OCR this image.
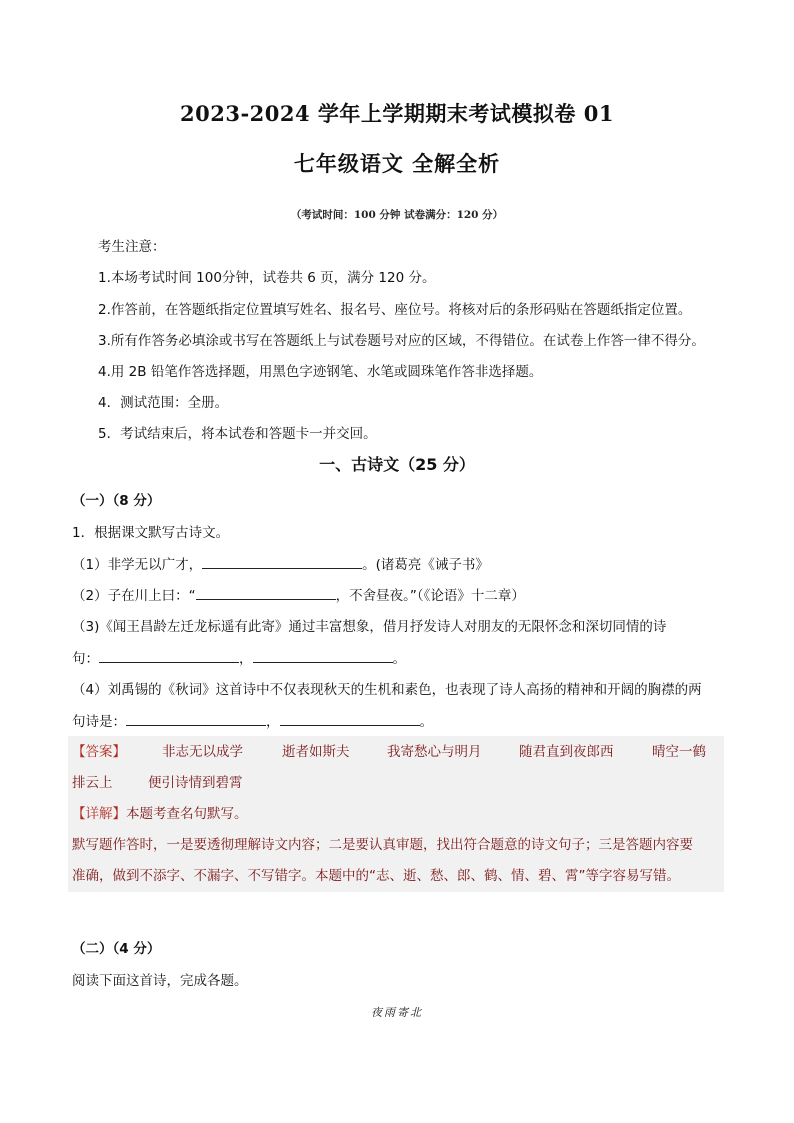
2023-2024 学年上学期期末考试模拟卷 01
七年级语文 全解全析
（考试时间：100 分钟 试卷满分：120 分）
考生注意：
1.本场考试时间 100分钟，试卷共 6 页，满分 120 分。
2.作答前，在答题纸指定位置填写姓名、报名号、座位号。将核对后的条形码贴在答题纸指定位置。
3.所有作答务必填涂或书写在答题纸上与试卷题号对应的区域，不得错位。在试卷上作答一律不得分。
4.用 2B 铅笔作答选择题，用黑色字迹钢笔、水笔或圆珠笔作答非选择题。
4．测试范围：全册。
5．考试结束后，将本试卷和答题卡一并交回。
一、古诗文（25 分）
（一）（8 分）
1．根据课文默写古诗文。
（1）非学无以广才，	。(诸葛亮《诫子书》
（2）子在川上曰：“	，不舍昼夜。”（《论语》十二章）
（3)《闻王昌龄左迁龙标遥有此寄》通过丰富想象，借月抒发诗人对朋友的无限怀念和深切同情的诗
句：	，	。
（4）刘禹锡的《秋词》这首诗中不仅表现秋天的生机和素色，也表现了诗人高扬的精神和开阔的胸襟的两
句诗是：	，	。
【答案】	非志无以成学	逝者如斯夫	我寄愁心与明月	随君直到夜郎西	晴空一鹤
排云上	便引诗情到碧霄
【详解】本题考查名句默写。
默写题作答时，一是要透彻理解诗文内容；二是要认真审题，找出符合题意的诗文句子；三是答题内容要
准确，做到不添字、不漏字、不写错字。本题中的“志、逝、愁、郎、鹤、情、碧、霄”等字容易写错。
（二）（4 分）
阅读下面这首诗，完成各题。
夜雨寄北
